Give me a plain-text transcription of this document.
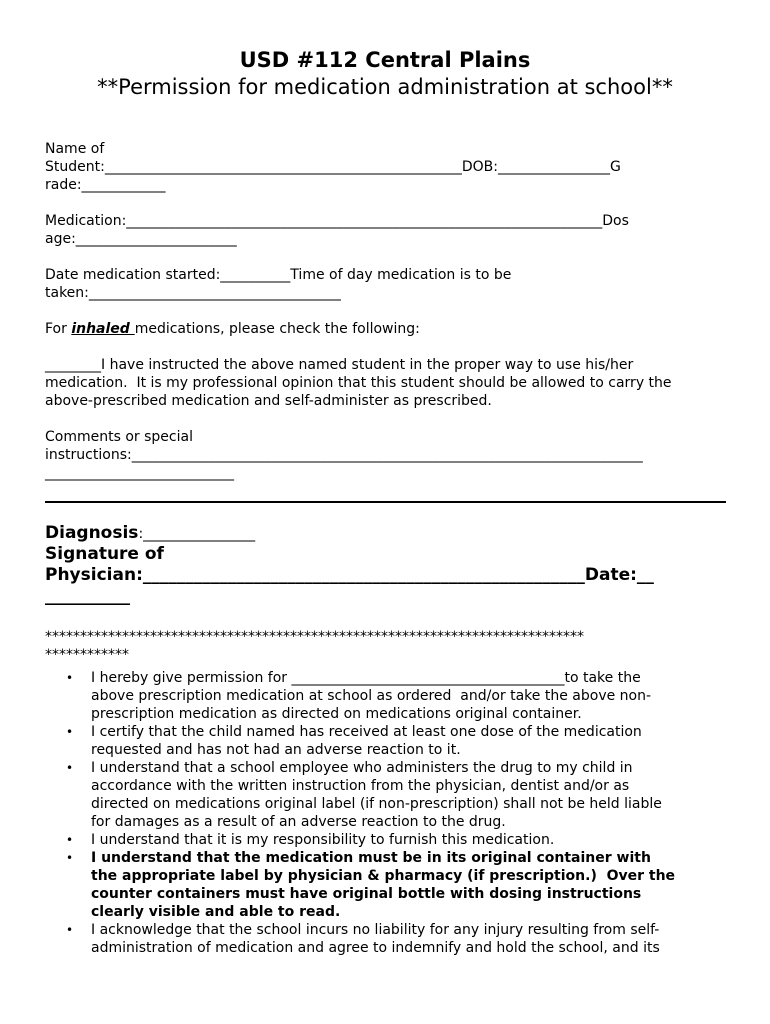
USD #112 Central Plains
**Permission for medication administration at school**
Name of
Student:___________________________________________________DOB:________________G
rade:____________
Medication:____________________________________________________________________Dos
age:_______________________
Date medication started:__________Time of day medication is to be
taken:____________________________________
For inhaled medications, please check the following:
________I have instructed the above named student in the proper way to use his/her
medication.  It is my professional opinion that this student should be allowed to carry the
above-prescribed medication and self-administer as prescribed.
Comments or special
instructions:_________________________________________________________________________
___________________________
Diagnosis:________________
Signature of
Physician:____________________________________________________Date:__
__________
*****************************************************************************
************
• I hereby give permission for _______________________________________to take the
above prescription medication at school as ordered  and/or take the above non-
prescription medication as directed on medications original container.
• I certify that the child named has received at least one dose of the medication
requested and has not had an adverse reaction to it.
• I understand that a school employee who administers the drug to my child in
accordance with the written instruction from the physician, dentist and/or as
directed on medications original label (if non-prescription) shall not be held liable
for damages as a result of an adverse reaction to the drug.
• I understand that it is my responsibility to furnish this medication.
• I understand that the medication must be in its original container with
the appropriate label by physician & pharmacy (if prescription.)  Over the
counter containers must have original bottle with dosing instructions
clearly visible and able to read.
• I acknowledge that the school incurs no liability for any injury resulting from self-
administration of medication and agree to indemnify and hold the school, and its
